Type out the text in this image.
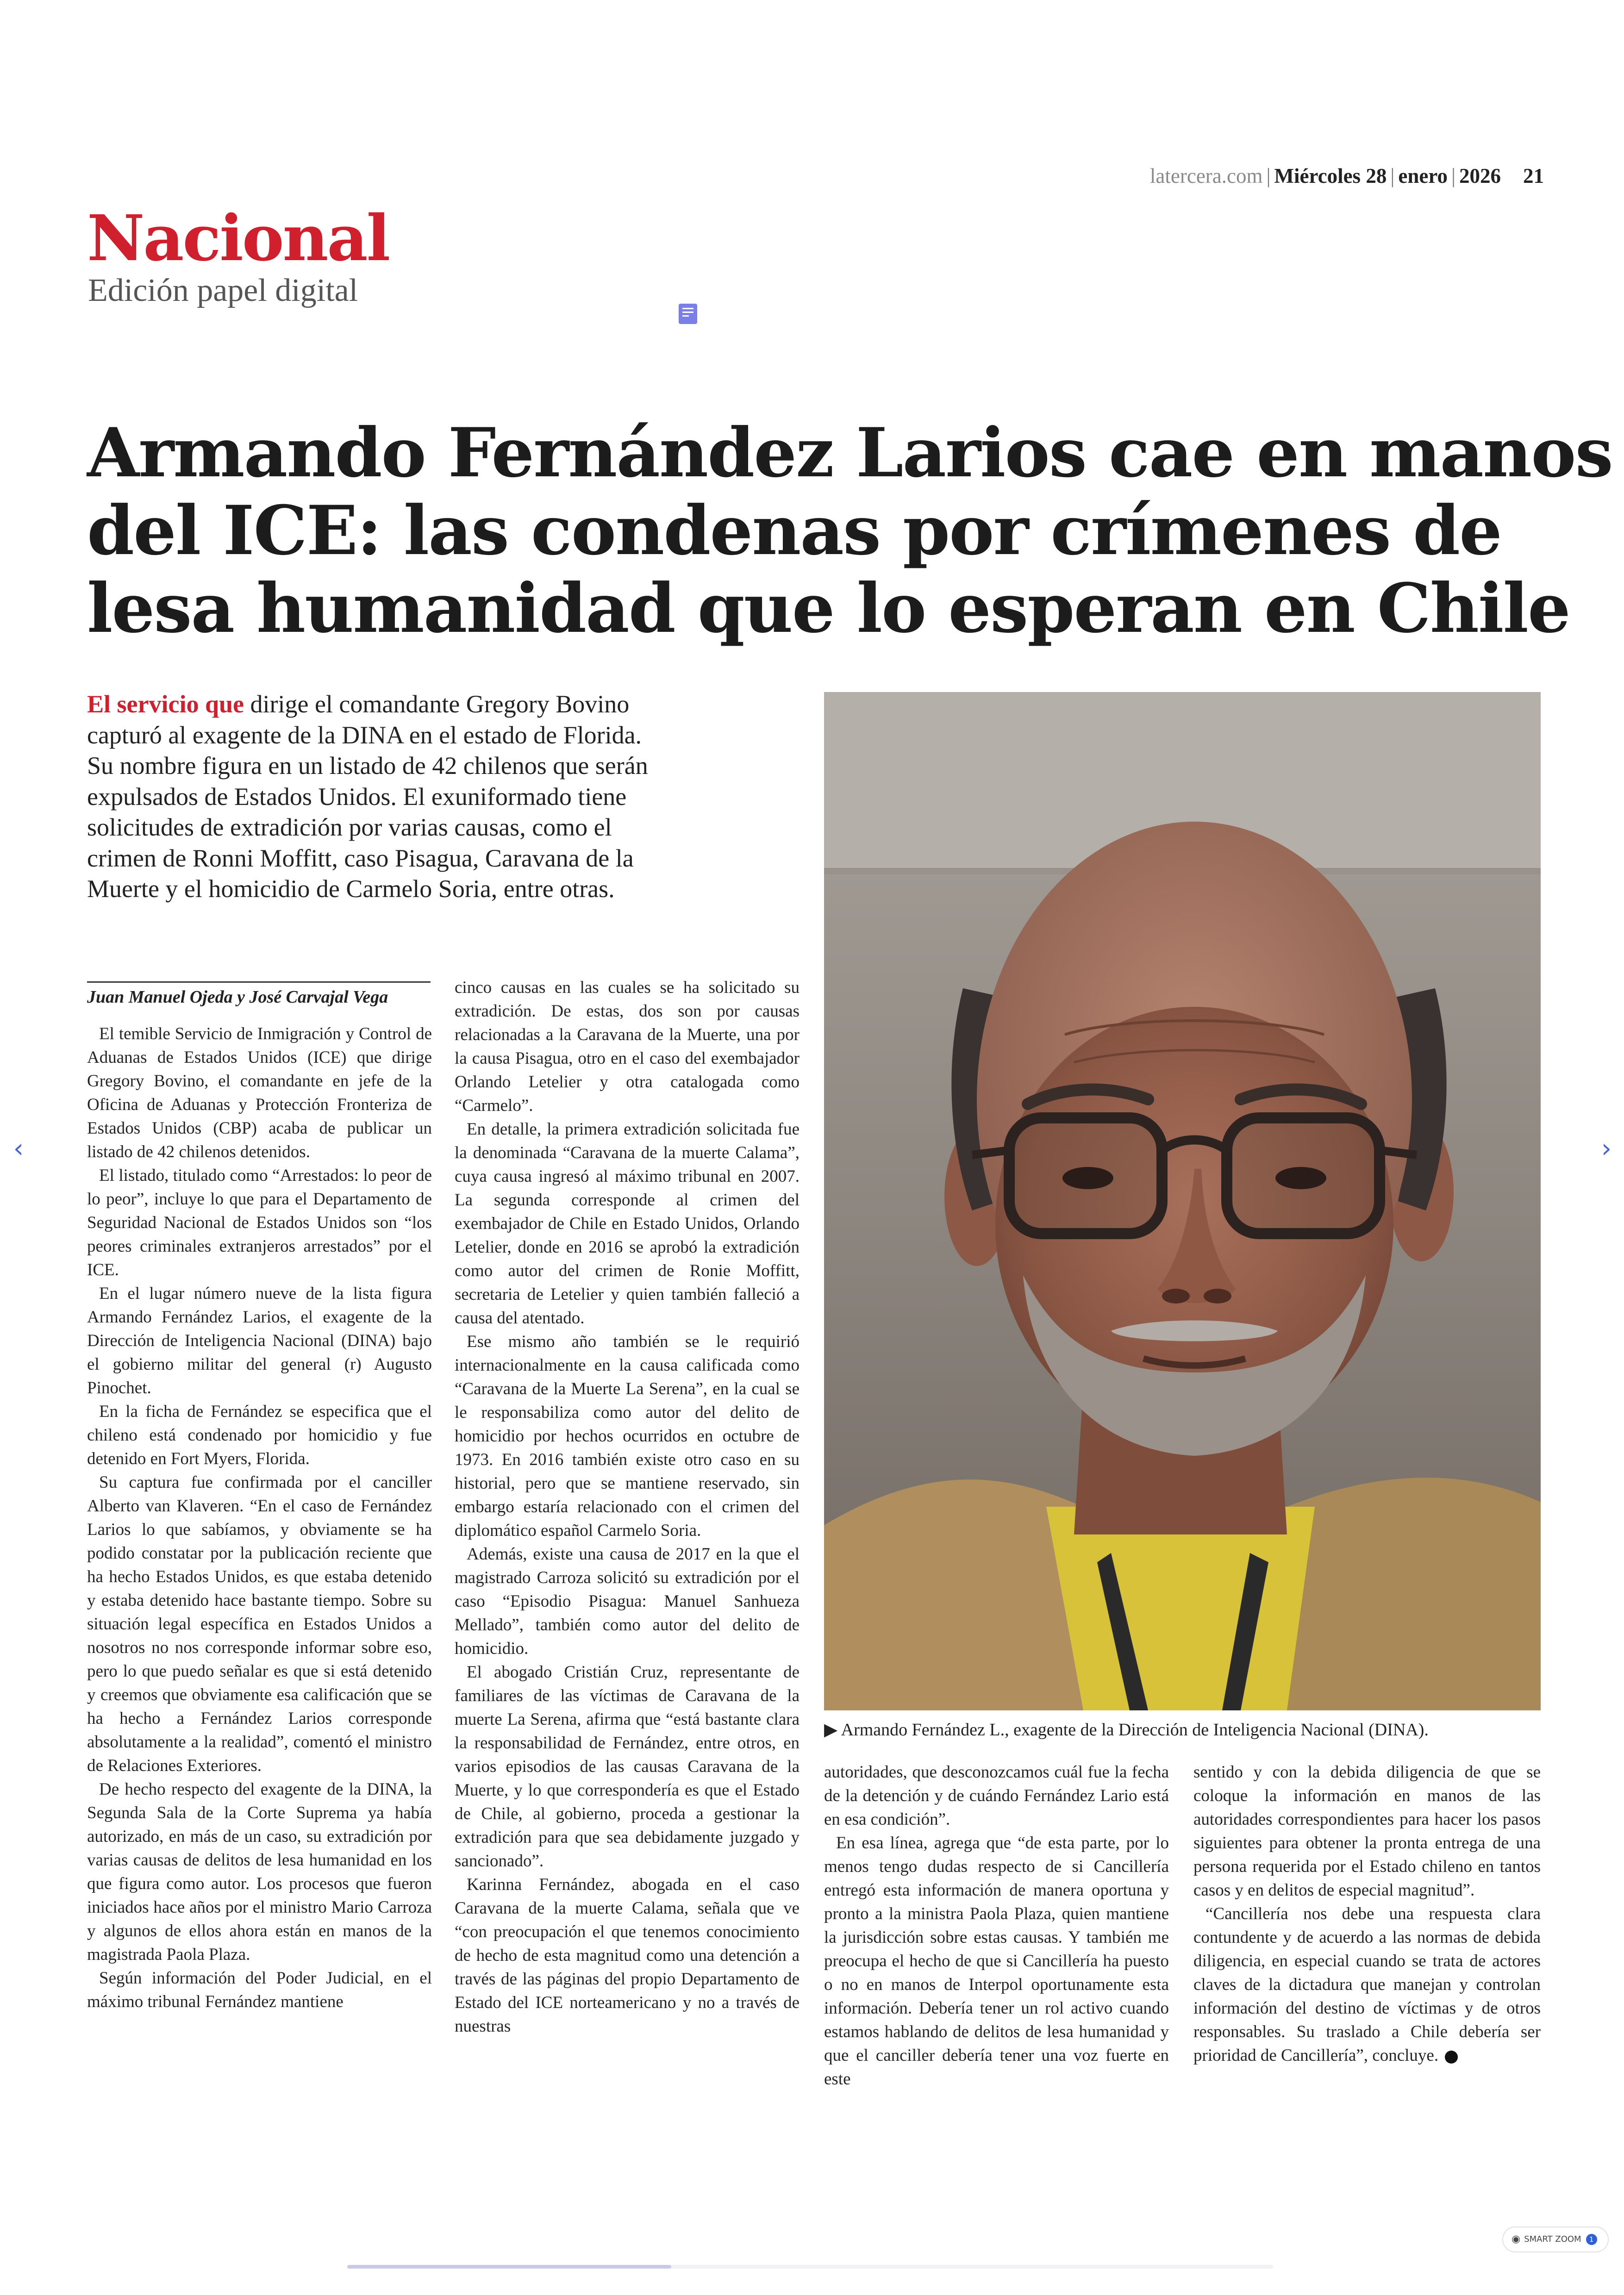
latercera.com | Miércoles 28 | enero | 2026 21
Nacional
Edición papel digital
Armando Fernández Larios cae en manos
del ICE: las condenas por crímenes de
lesa humanidad que lo esperan en Chile
El servicio que dirige el comandante Gregory Bovino
capturó al exagente de la DINA en el estado de Florida.
Su nombre figura en un listado de 42 chilenos que serán
expulsados de Estados Unidos. El exuniformado tiene
solicitudes de extradición por varias causas, como el
crimen de Ronni Moffitt, caso Pisagua, Caravana de la
Muerte y el homicidio de Carmelo Soria, entre otras.
▶ Armando Fernández L., exagente de la Dirección de Inteligencia Nacional (DINA).
Juan Manuel Ojeda y José Carvajal Vega

El temible Servicio de Inmigración y Control de Aduanas de Estados Unidos (ICE) que dirige Gregory Bovino, el comandante en jefe de la Oficina de Aduanas y Protección Fronteriza de Estados Unidos (CBP) acaba de publicar un listado de 42 chilenos detenidos.

El listado, titulado como “Arrestados: lo peor de lo peor”, incluye lo que para el Departamento de Seguridad Nacional de Estados Unidos son “los peores criminales extranjeros arrestados” por el ICE.

En el lugar número nueve de la lista figura Armando Fernández Larios, el exagente de la Dirección de Inteligencia Nacional (DINA) bajo el gobierno militar del general (r) Augusto Pinochet.

En la ficha de Fernández se especifica que el chileno está condenado por homicidio y fue detenido en Fort Myers, Florida.

Su captura fue confirmada por el canciller Alberto van Klaveren. “En el caso de Fernández Larios lo que sabíamos, y obviamente se ha podido constatar por la publicación reciente que ha hecho Estados Unidos, es que estaba detenido y estaba detenido hace bastante tiempo. Sobre su situación legal específica en Estados Unidos a nosotros no nos corresponde informar sobre eso, pero lo que puedo señalar es que si está detenido y creemos que obviamente esa calificación que se ha hecho a Fernández Larios corresponde absolutamente a la realidad”, comentó el ministro de Relaciones Exteriores.

De hecho respecto del exagente de la DINA, la Segunda Sala de la Corte Suprema ya había autorizado, en más de un caso, su extradición por varias causas de delitos de lesa humanidad en los que figura como autor. Los procesos que fueron iniciados hace años por el ministro Mario Carroza y algunos de ellos ahora están en manos de la magistrada Paola Plaza.

Según información del Poder Judicial, en el máximo tribunal Fernández mantiene

cinco causas en las cuales se ha solicitado su extradición. De estas, dos son por causas relacionadas a la Caravana de la Muerte, una por la causa Pisagua, otro en el caso del exembajador Orlando Letelier y otra catalogada como “Carmelo”.

En detalle, la primera extradición solicitada fue la denominada “Caravana de la muerte Calama”, cuya causa ingresó al máximo tribunal en 2007. La segunda corresponde al crimen del exembajador de Chile en Estado Unidos, Orlando Letelier, donde en 2016 se aprobó la extradición como autor del crimen de Ronie Moffitt, secretaria de Letelier y quien también falleció a causa del atentado.

Ese mismo año también se le requirió internacionalmente en la causa calificada como “Caravana de la Muerte La Serena”, en la cual se le responsabiliza como autor del delito de homicidio por hechos ocurridos en octubre de 1973. En 2016 también existe otro caso en su historial, pero que se mantiene reservado, sin embargo estaría relacionado con el crimen del diplomático español Carmelo Soria.

Además, existe una causa de 2017 en la que el magistrado Carroza solicitó su extradición por el caso “Episodio Pisagua: Manuel Sanhueza Mellado”, también como autor del delito de homicidio.

El abogado Cristián Cruz, representante de familiares de las víctimas de Caravana de la muerte La Serena, afirma que “está bastante clara la responsabilidad de Fernández, entre otros, en varios episodios de las causas Caravana de la Muerte, y lo que correspondería es que el Estado de Chile, al gobierno, proceda a gestionar la extradición para que sea debidamente juzgado y sancionado”.

Karinna Fernández, abogada en el caso Caravana de la muerte Calama, señala que ve “con preocupación el que tenemos conocimiento de hecho de esta magnitud como una detención a través de las páginas del propio Departamento de Estado del ICE norteamericano y no a través de nuestras

autoridades, que desconozcamos cuál fue la fecha de la detención y de cuándo Fernández Lario está en esa condición”.

En esa línea, agrega que “de esta parte, por lo menos tengo dudas respecto de si Cancillería entregó esta información de manera oportuna y pronto a la ministra Paola Plaza, quien mantiene la jurisdicción sobre estas causas. Y también me preocupa el hecho de que si Cancillería ha puesto o no en manos de Interpol oportunamente esta información. Debería tener un rol activo cuando estamos hablando de delitos de lesa humanidad y que el canciller debería tener una voz fuerte en este

sentido y con la debida diligencia de que se coloque la información en manos de las autoridades correspondientes para hacer los pasos siguientes para obtener la pronta entrega de una persona requerida por el Estado chileno en tantos casos y en delitos de especial magnitud”.

“Cancillería nos debe una respuesta clara contundente y de acuerdo a las normas de debida diligencia, en especial cuando se trata de actores claves de la dictadura que manejan y controlan información del destino de víctimas y de otros responsables. Su traslado a Chile debería ser prioridad de Cancillería”, concluye.

‹	›
◉ SMART ZOOM 1
